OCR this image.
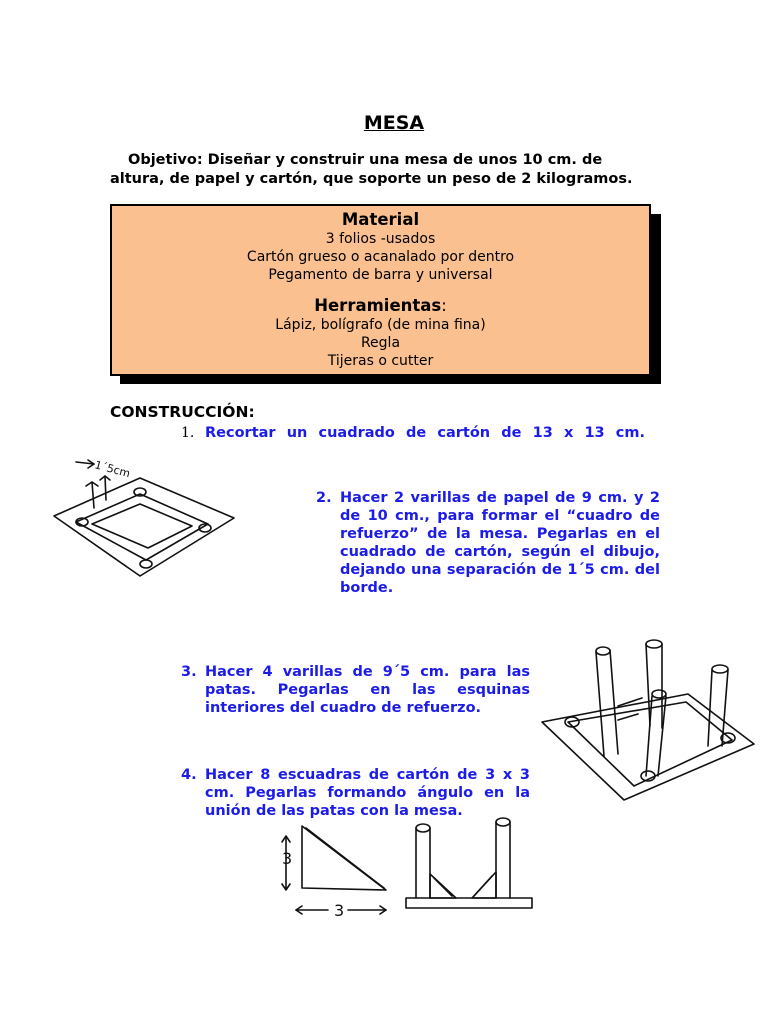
MESA
Objetivo: Diseñar y construir una mesa de unos 10 cm. de altura, de papel y cartón, que soporte un peso de 2 kilogramos.
Material
3 folios -usados
Cartón grueso o acanalado por dentro
Pegamento de barra y universal
Herramientas:
Lápiz, bolígrafo (de mina fina)
Regla
Tijeras o cutter
CONSTRUCCIÓN:
1. Recortar un cuadrado de cartón de 13 x 13 cm.
2. Hacer 2 varillas de papel de 9 cm. y 2 de 10 cm., para formar el “cuadro de refuerzo” de la mesa. Pegarlas en el cuadrado de cartón, según el dibujo, dejando una separación de 1´5 cm. del borde.
3. Hacer 4 varillas de 9´5 cm. para las patas. Pegarlas en las esquinas interiores del cuadro de refuerzo.
4. Hacer 8 escuadras de cartón de 3 x 3 cm. Pegarlas formando ángulo en la unión de las patas con la mesa.
1´5cm
3
3
